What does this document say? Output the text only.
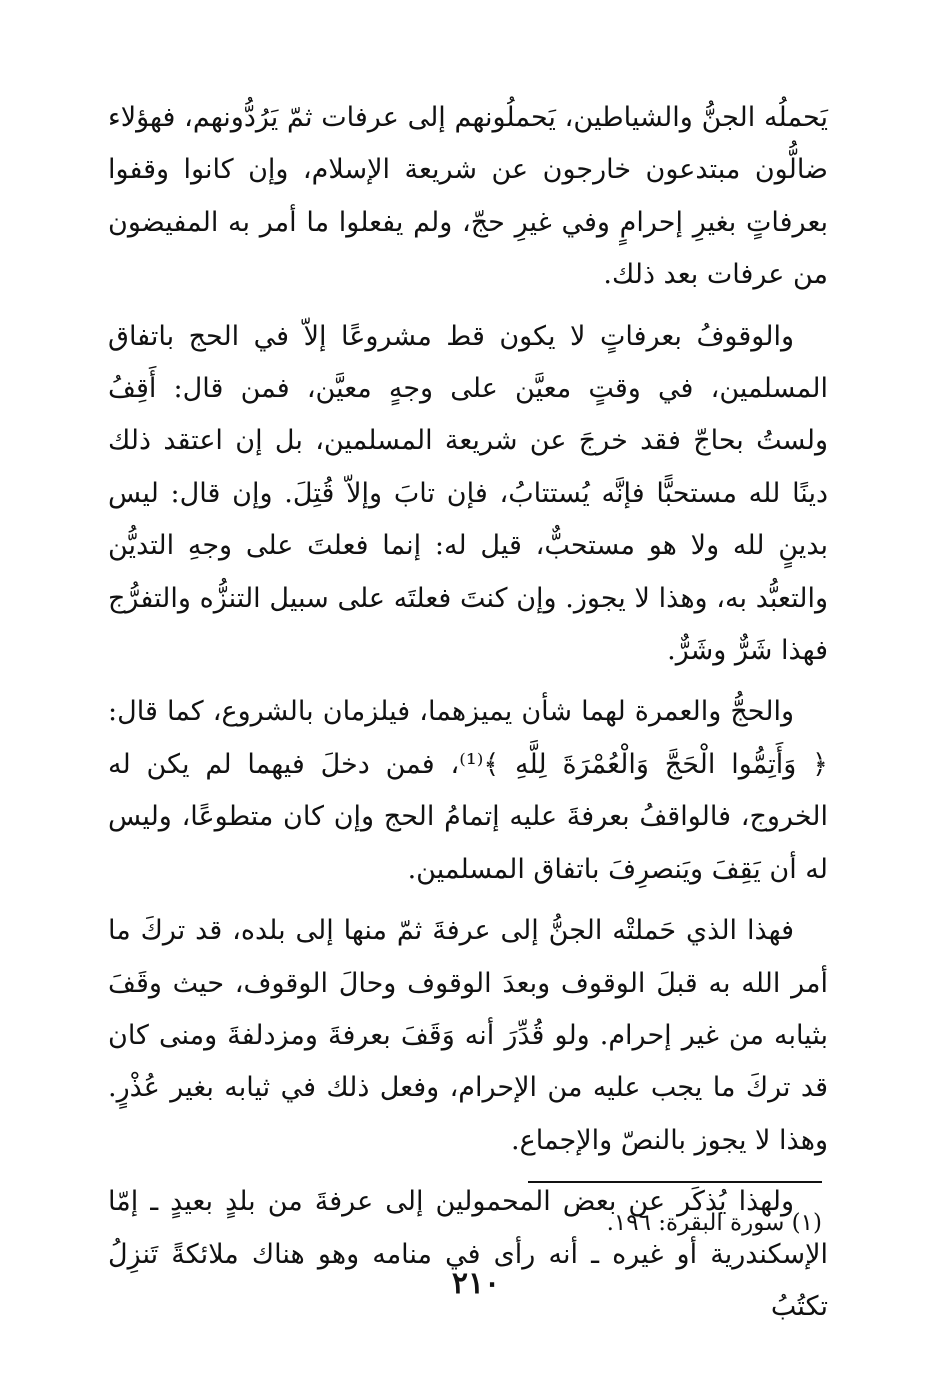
يَحملُه الجنُّ والشياطين، يَحملُونهم إلى عرفات ثمّ يَرُدُّونهم، فهؤلاء ضالُّون مبتدعون خارجون عن شريعة الإسلام، وإن كانوا وقفوا بعرفاتٍ بغيرِ إحرامٍ وفي غيرِ حجّ، ولم يفعلوا ما أمر به المفيضون من عرفات بعد ذلك.

والوقوفُ بعرفاتٍ لا يكون قط مشروعًا إلاّ في الحج باتفاق المسلمين، في وقتٍ معيَّن على وجهٍ معيَّن، فمن قال: أَقِفُ ولستُ بحاجّ فقد خرجَ عن شريعة المسلمين، بل إن اعتقد ذلك دينًا لله مستحبًّا فإنَّه يُستتابُ، فإن تابَ وإلاّ قُتِلَ. وإن قال: ليس بدينٍ لله ولا هو مستحبٌّ، قيل له: إنما فعلتَ على وجهِ التديُّن والتعبُّد به، وهذا لا يجوز. وإن كنتَ فعلتَه على سبيل التنزُّه والتفرُّج فهذا شَرٌّ وشَرٌّ.

والحجُّ والعمرة لهما شأن يميزهما، فيلزمان بالشروع، كما قال: ﴿ وَأَتِمُّوا الْحَجَّ وَالْعُمْرَةَ لِلَّهِ ﴾⁽¹⁾، فمن دخلَ فيهما لم يكن له الخروج، فالواقفُ بعرفةَ عليه إتمامُ الحج وإن كان متطوعًا، وليس له أن يَقِفَ ويَنصرِفَ باتفاق المسلمين.

فهذا الذي حَملتْه الجنُّ إلى عرفةَ ثمّ منها إلى بلده، قد تركَ ما أمر الله به قبلَ الوقوف وبعدَ الوقوف وحالَ الوقوف، حيث وقَفَ بثيابه من غير إحرام. ولو قُدِّرَ أنه وَقَفَ بعرفةَ ومزدلفةَ ومنى كان قد تركَ ما يجب عليه من الإحرام، وفعل ذلك في ثيابه بغير عُذْرٍ. وهذا لا يجوز بالنصّ والإجماع.

ولهذا يُذكَر عن بعض المحمولين إلى عرفةَ من بلدٍ بعيدٍ ـ إمّا الإسكندرية أو غيره ـ أنه رأى في منامه وهو هناك ملائكةً تَنزِلُ تكتُبُ

(١) سورة البقرة: ١٩٦.
٢١٠
